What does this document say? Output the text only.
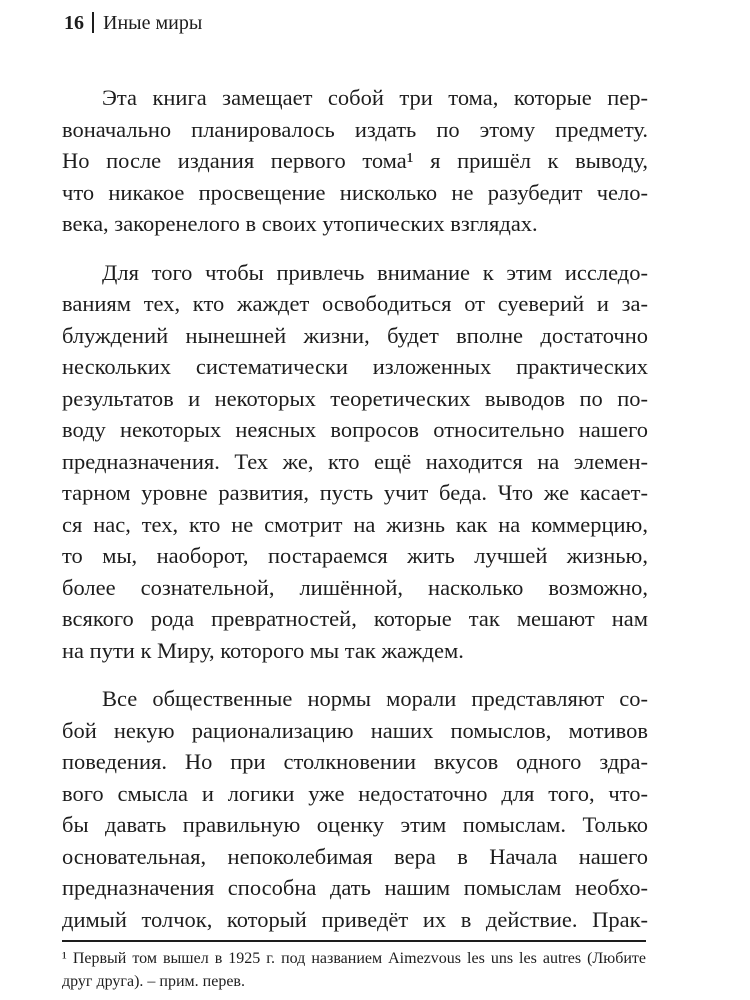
16 Иные миры
Эта книга замещает собой три тома, которые пер-
воначально планировалось издать по этому предмету.
Но после издания первого тома¹ я пришёл к выводу,
что никакое просвещение нисколько не разубедит чело-
века, закоренелого в своих утопических взглядах.
Для того чтобы привлечь внимание к этим исследо-
ваниям тех, кто жаждет освободиться от суеверий и за-
блуждений нынешней жизни, будет вполне достаточно
нескольких систематически изложенных практических
результатов и некоторых теоретических выводов по по-
воду некоторых неясных вопросов относительно нашего
предназначения. Тех же, кто ещё находится на элемен-
тарном уровне развития, пусть учит беда. Что же касает-
ся нас, тех, кто не смотрит на жизнь как на коммерцию,
то мы, наоборот, постараемся жить лучшей жизнью,
более сознательной, лишённой, насколько возможно,
всякого рода превратностей, которые так мешают нам
на пути к Миру, которого мы так жаждем.
Все общественные нормы морали представляют со-
бой некую рационализацию наших помыслов, мотивов
поведения. Но при столкновении вкусов одного здра-
вого смысла и логики уже недостаточно для того, что-
бы давать правильную оценку этим помыслам. Только
основательная, непоколебимая вера в Начала нашего
предназначения способна дать нашим помыслам необхо-
димый толчок, который приведёт их в действие. Прак-
¹ Первый том вышел в 1925 г. под названием Aimezvous les uns les autres (Любите
друг друга). – прим. перев.
